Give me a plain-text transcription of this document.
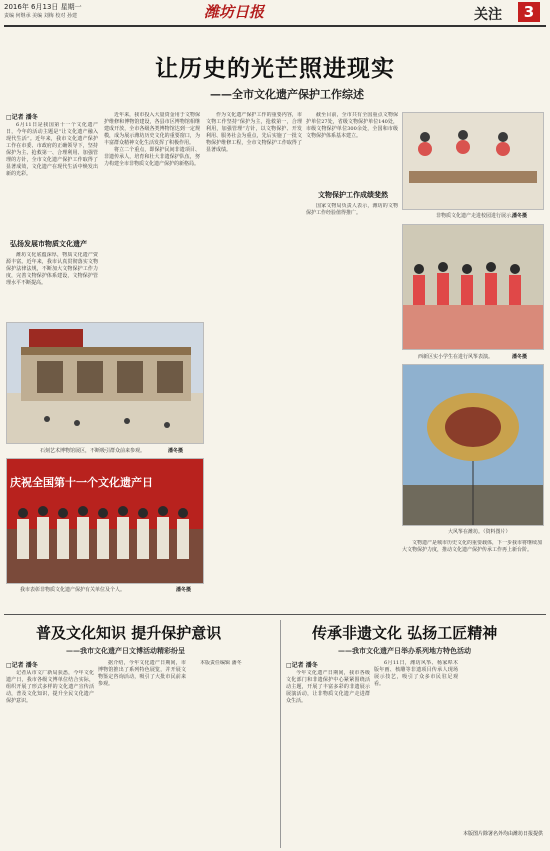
2016年 6月13日 星期一
责编 何继承 美编 刘梅 校对 孙建	潍坊日报	关注	3
让历史的光芒照进现实
——全市文化遗产保护工作综述
□记者 潘冬

6月11日是我国第十一个文化遗产日，今年的活动主题是“让文化遗产融入现代生活”。近年来，我市文化遗产保护工作在市委、市政府的正确领导下，坚持保护为主、抢救第一、合理利用、加强管理的方针，全市文化遗产保护工作取得了显著成效，文化遗产在现代生活中焕发出新的光彩。

弘扬发展市物质文化遗产

潍坊文化底蕴深厚，物质文化遗产资源丰富。近年来，我市认真贯彻落实文物保护法律法规，不断加大文物保护工作力度，完善文物保护体系建设，文物保护管理水平不断提高。

石刻艺术博物馆展区，不断吸引群众前来参观。	潘冬摄
庆祝全国第十一个文化遗产日
我市表彰非物质文化遗产保护有关单位及个人。	潘冬摄

近年来，我市投入大量资金用于文物保护维修和博物馆建设，各县市区博物馆相继建成开放，全市各级各类博物馆达到一定规模，成为展示潍坊历史文化的重要窗口，为丰富群众精神文化生活发挥了积极作用。

将立二个重点，即保护民间非遗项目、非遗传承人，培育和壮大非遗保护队伍，努力构建全市非物质文化遗产保护的新格局。

作为文化遗产保护工作的重要内容，市文物工作坚持“保护为主，抢救第一，合理利用，加强管理”方针，以文物保护、开发利用、服务社会为重点，先后实施了一批文物保护维修工程，全市文物保护工作取得了显著成绩。

截至目前，全市共有全国重点文物保护单位27处，省级文物保护单位140处，市级文物保护单位300余处，全国和市级文物保护体系基本建立。

文物保护工作成绩斐然

国家文物局负责人表示，潍坊的文物保护工作经验值得推广。	非物质文化遗产走进校园进行展示。
潘冬摄
西新区实小学生在进行风筝表演。	潘冬摄
大风筝在潍坊。（资料图片）

文物遗产是城市历史文化的重要载体，下一步我市将继续加大文物保护力度，推动文化遗产保护传承工作再上新台阶。

普及文化知识 提升保护意识
——我市文化遗产日文博活动精彩纷呈
□记者 潘冬

记者从市文广新局获悉，今年文化遗产日，我市各级文博单位结合实际，组织开展了形式多样的文化遗产宣传活动，普及文化知识，提升全民文化遗产保护意识。

据介绍，今年文化遗产日期间，市博物馆推出了系列特色展览，并开展文物鉴定咨询活动，吸引了大批市民前来参观。

本版责任编辑 潘冬

传承非遗文化 弘扬工匠精神
——我市文化遗产日举办系列地方特色活动
□记者 潘冬

今年文化遗产日期间，我市各级文化部门和非遗保护中心紧紧围绕活动主题，开展了丰富多彩的非遗展示展演活动，让非物质文化遗产走进群众生活。

6月11日，潍坊风筝、杨家埠木版年画、核雕等非遗项目传承人现场展示技艺，吸引了众多市民驻足观看。

本版图片除署名外均由潍坊日报提供
